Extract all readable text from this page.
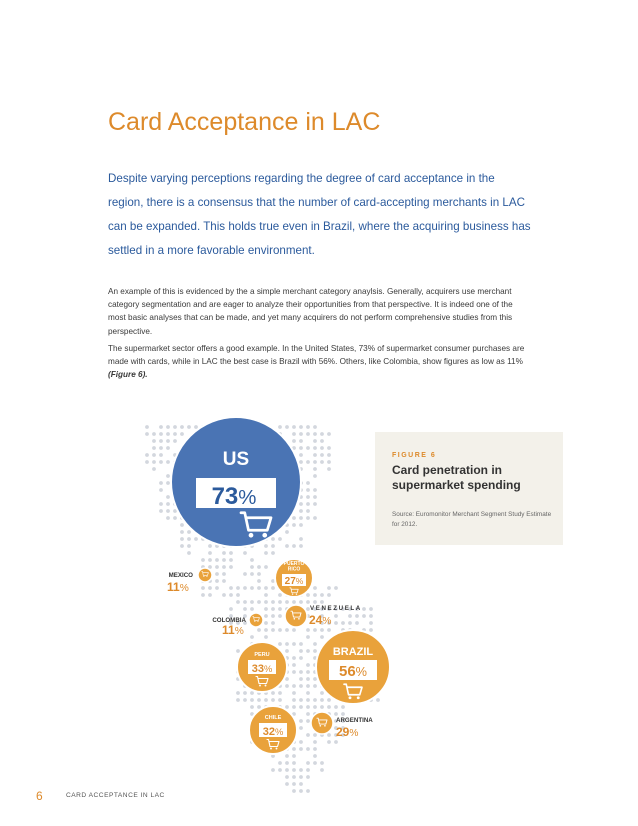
Card Acceptance in LAC

Despite varying perceptions regarding the degree of card acceptance in the region, there is a consensus that the number of card-accepting merchants in LAC can be expanded. This holds true even in Brazil, where the acquiring business has settled in a more favorable environment.

An example of this is evidenced by the a simple merchant category anaylsis. Generally, acquirers use merchant category segmentation and are eager to analyze their opportunities from that perspective. It is indeed one of the most basic analyses that can be made, and yet many acquirers do not perform comprehensive studies from this perspective.

The supermarket sector offers a good example. In the United States, 73% of supermarket consumer purchases are made with cards, while in LAC the best case is Brazil with 56%. Others, like Colombia, show figures as low as 11% (Figure 6).

US
73%
MEXICO
11%
PUERTO RICO
27%
VENEZUELA
24%
COLOMBIA
11%
BRAZIL
56%
PERU
33%
CHILE
32%
ARGENTINA
29%
FIGURE 6
Card penetration in supermarket spending
Source: Euromonitor Merchant Segment Study Estimate for 2012.
6	CARD ACCEPTANCE IN LAC
